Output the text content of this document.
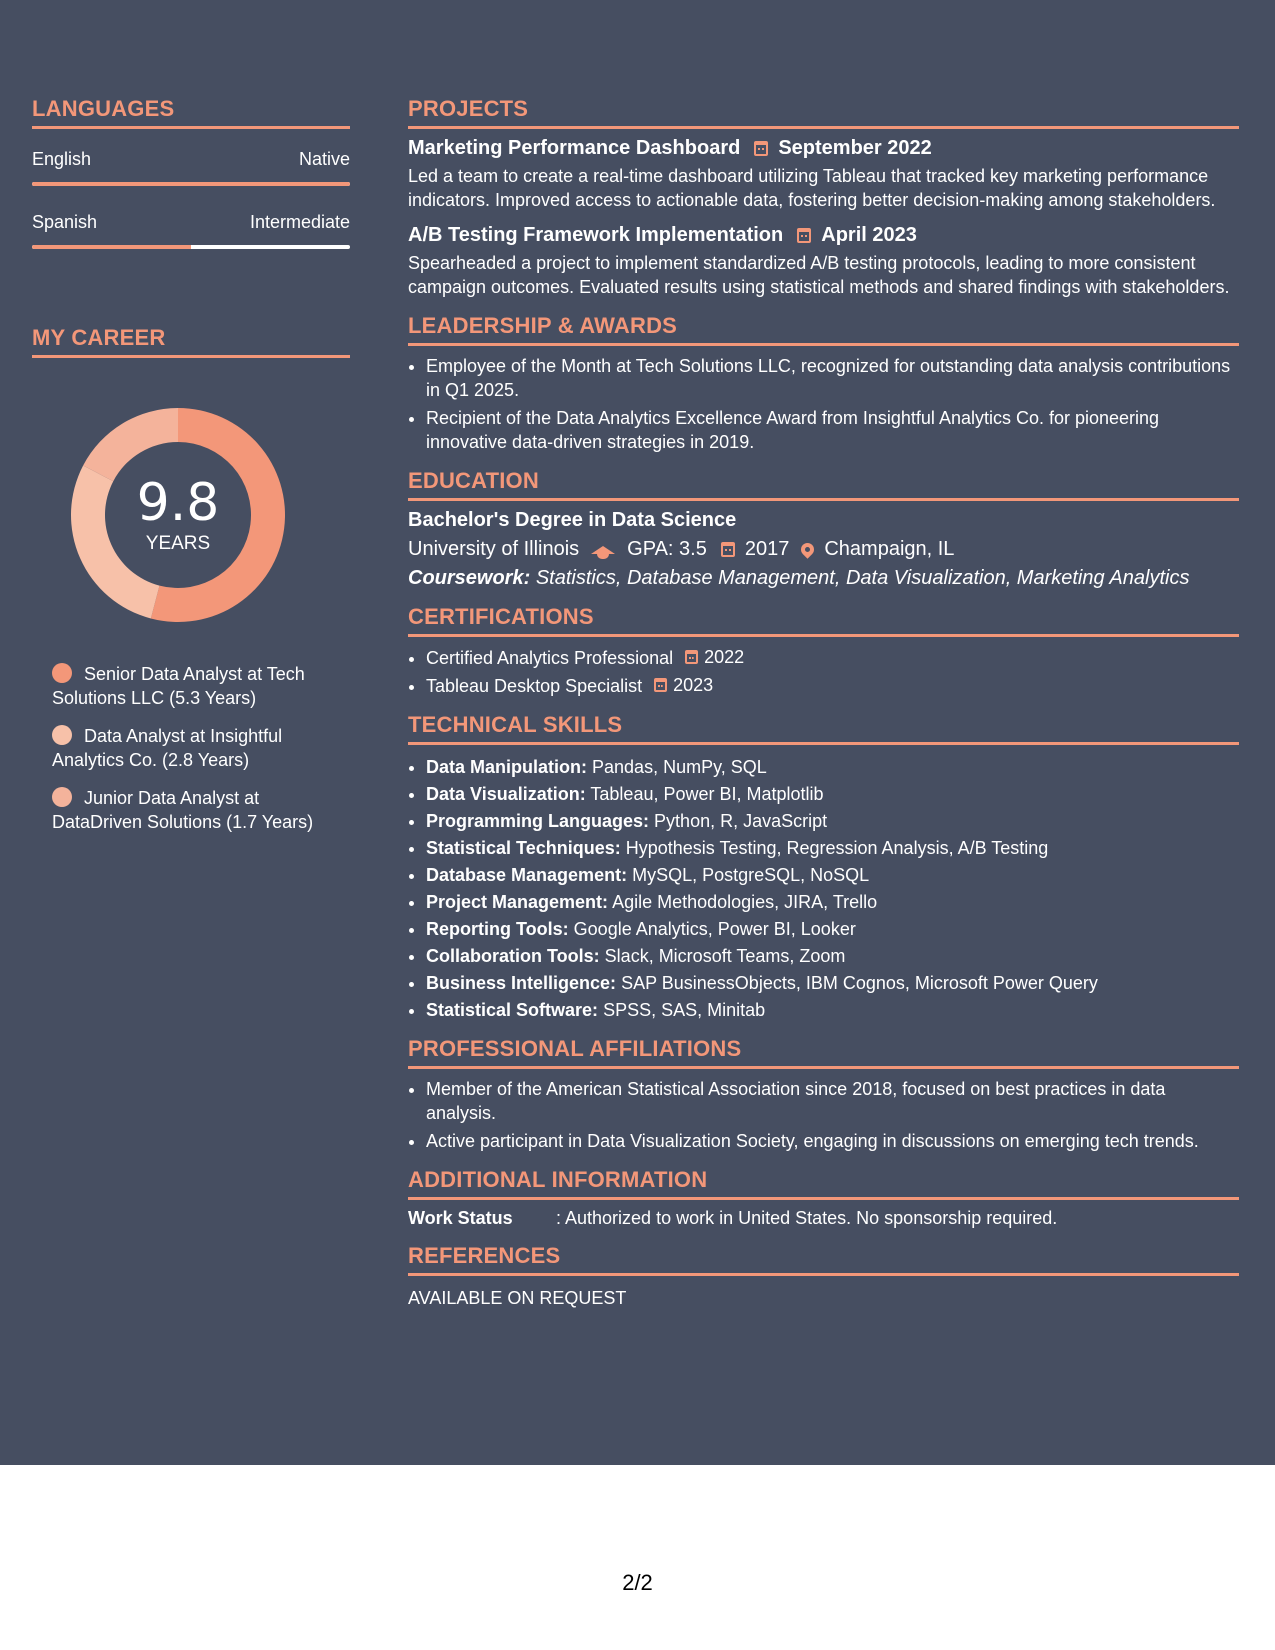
LANGUAGES
English	Native
Spanish	Intermediate
MY CAREER
9.8
YEARS
Senior Data Analyst at Tech Solutions LLC (5.3 Years)
Data Analyst at Insightful Analytics Co. (2.8 Years)
Junior Data Analyst at DataDriven Solutions (1.7 Years)
PROJECTS
Marketing Performance Dashboard September 2022
Led a team to create a real-time dashboard utilizing Tableau that tracked key marketing performance indicators. Improved access to actionable data, fostering better decision-making among stakeholders.
A/B Testing Framework Implementation April 2023
Spearheaded a project to implement standardized A/B testing protocols, leading to more consistent campaign outcomes. Evaluated results using statistical methods and shared findings with stakeholders.
LEADERSHIP & AWARDS
• Employee of the Month at Tech Solutions LLC, recognized for outstanding data analysis contributions in Q1 2025.
• Recipient of the Data Analytics Excellence Award from Insightful Analytics Co. for pioneering innovative data-driven strategies in 2019.
EDUCATION
Bachelor's Degree in Data Science
University of Illinois GPA: 3.5 2017 Champaign, IL
Coursework: Statistics, Database Management, Data Visualization, Marketing Analytics
CERTIFICATIONS
• Certified Analytics Professional 2022
• Tableau Desktop Specialist 2023
TECHNICAL SKILLS
• Data Manipulation: Pandas, NumPy, SQL
• Data Visualization: Tableau, Power BI, Matplotlib
• Programming Languages: Python, R, JavaScript
• Statistical Techniques: Hypothesis Testing, Regression Analysis, A/B Testing
• Database Management: MySQL, PostgreSQL, NoSQL
• Project Management: Agile Methodologies, JIRA, Trello
• Reporting Tools: Google Analytics, Power BI, Looker
• Collaboration Tools: Slack, Microsoft Teams, Zoom
• Business Intelligence: SAP BusinessObjects, IBM Cognos, Microsoft Power Query
• Statistical Software: SPSS, SAS, Minitab
PROFESSIONAL AFFILIATIONS
• Member of the American Statistical Association since 2018, focused on best practices in data analysis.
• Active participant in Data Visualization Society, engaging in discussions on emerging tech trends.
ADDITIONAL INFORMATION
Work Status	: Authorized to work in United States. No sponsorship required.
REFERENCES
AVAILABLE ON REQUEST
2/2
